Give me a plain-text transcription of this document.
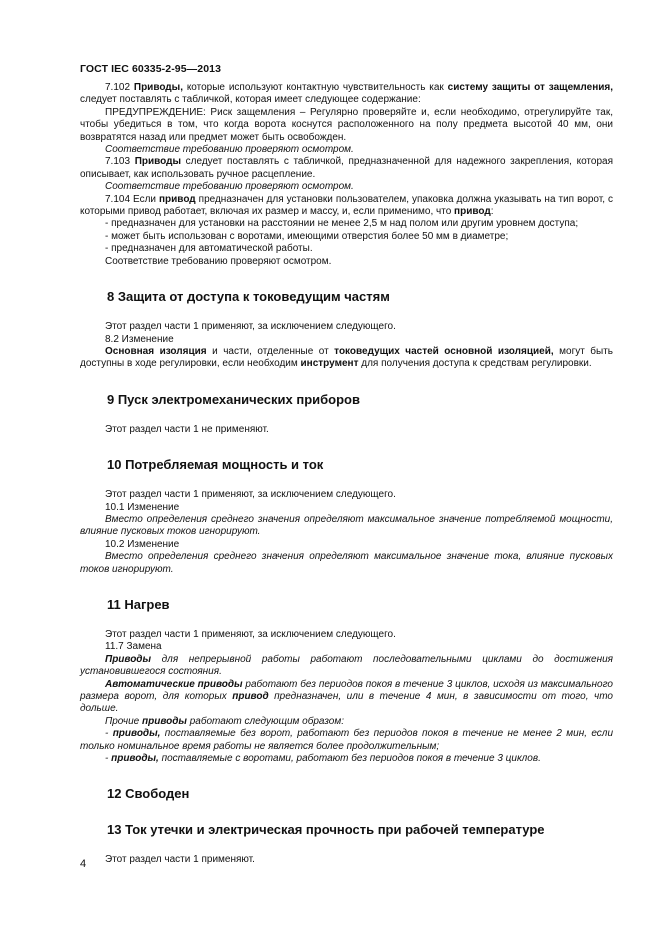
ГОСТ IEC 60335-2-95—2013
7.102 Приводы, которые используют контактную чувствительность как систему защиты от защемления, следует поставлять с табличкой, которая имеет следующее содержание:
ПРЕДУПРЕЖДЕНИЕ: Риск защемления – Регулярно проверяйте и, если необходимо, отрегулируйте так, чтобы убедиться в том, что когда ворота коснутся расположенного на полу предмета высотой 40 мм, они возвратятся назад или предмет может быть освобожден.
Соответствие требованию проверяют осмотром.
7.103 Приводы следует поставлять с табличкой, предназначенной для надежного закрепления, которая описывает, как использовать ручное расцепление.
Соответствие требованию проверяют осмотром.
7.104 Если привод предназначен для установки пользователем, упаковка должна указывать на тип ворот, с которыми привод работает, включая их размер и массу, и, если применимо, что привод:
- предназначен для установки на расстоянии не менее 2,5 м над полом или другим уровнем доступа;
- может быть использован с воротами, имеющими отверстия более 50 мм в диаметре;
- предназначен для автоматической работы.
Соответствие требованию проверяют осмотром.
8 Защита от доступа к токоведущим частям
Этот раздел части 1 применяют, за исключением следующего.
8.2 Изменение
Основная изоляция и части, отделенные от токоведущих частей основной изоляцией, могут быть доступны в ходе регулировки, если необходим инструмент для получения доступа к средствам регулировки.
9 Пуск электромеханических приборов
Этот раздел части 1 не применяют.
10 Потребляемая мощность и ток
Этот раздел части 1 применяют, за исключением следующего.
10.1 Изменение
Вместо определения среднего значения определяют максимальное значение потребляемой мощности, влияние пусковых токов игнорируют.
10.2 Изменение
Вместо определения среднего значения определяют максимальное значение тока, влияние пусковых токов игнорируют.
11 Нагрев
Этот раздел части 1 применяют, за исключением следующего.
11.7 Замена
Приводы для непрерывной работы работают последовательными циклами до достижения установившегося состояния.
Автоматические приводы работают без периодов покоя в течение 3 циклов, исходя из максимального размера ворот, для которых привод предназначен, или в течение 4 мин, в зависимости от того, что дольше.
Прочие приводы работают следующим образом:
- приводы, поставляемые без ворот, работают без периодов покоя в течение не менее 2 мин, если только номинальное время работы не является более продолжительным;
- приводы, поставляемые с воротами, работают без периодов покоя в течение 3 циклов.
12 Свободен
13 Ток утечки и электрическая прочность при рабочей температуре
Этот раздел части 1 применяют.
4
